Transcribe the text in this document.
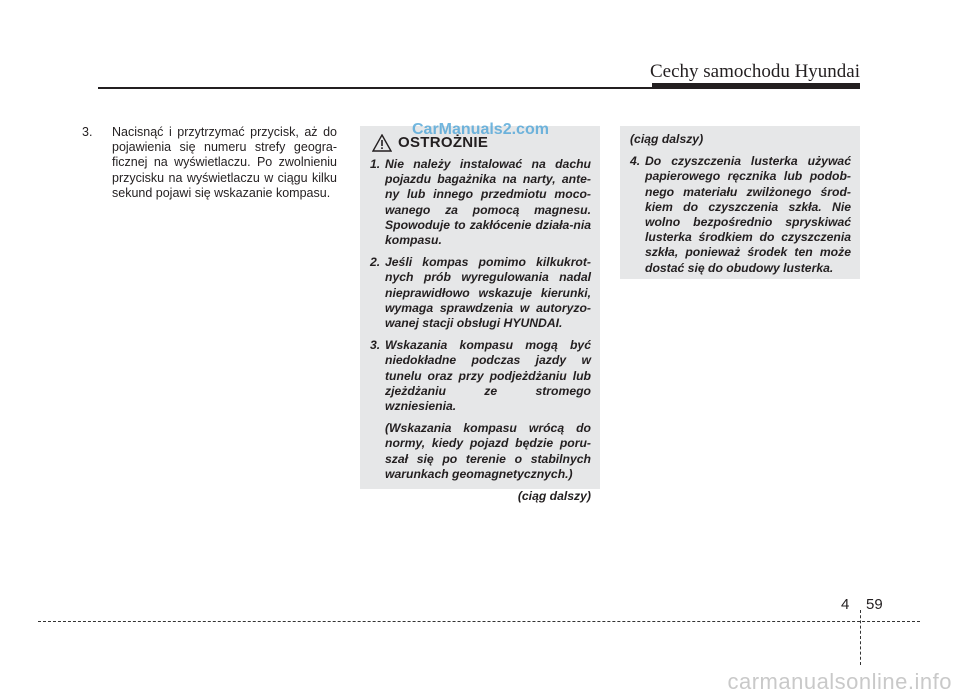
Cechy samochodu Hyundai

3. Nacisnąć i przytrzymać przycisk, aż do pojawienia się numeru strefy geogra-ficznej na wyświetlaczu. Po zwolnieniu przycisku na wyświetlaczu w ciągu kilku sekund pojawi się wskazanie kompasu.

OSTROŻNIE

1. Nie należy instalować na dachu pojazdu bagażnika na narty, ante-ny lub innego przedmiotu moco-wanego za pomocą magnesu. Spowoduje to zakłócenie działa-nia kompasu.

2. Jeśli kompas pomimo kilkukrot-nych prób wyregulowania nadal nieprawidłowo wskazuje kierunki, wymaga sprawdzenia w autoryzo-wanej stacji obsługi HYUNDAI.

3. Wskazania kompasu mogą być niedokładne podczas jazdy w tunelu oraz przy podjeżdżaniu lub zjeżdżaniu ze stromego wzniesienia.

(Wskazania kompasu wrócą do normy, kiedy pojazd będzie poru-szał się po terenie o stabilnych warunkach geomagnetycznych.)

(ciąg dalszy)

(ciąg dalszy)

4. Do czyszczenia lusterka używać papierowego ręcznika lub podob-nego materiału zwilżonego środ-kiem do czyszczenia szkła. Nie wolno bezpośrednio spryskiwać lusterka środkiem do czyszczenia szkła, ponieważ środek ten może dostać się do obudowy lusterka.

CarManuals2.com
4 59
carmanualsonline.info
